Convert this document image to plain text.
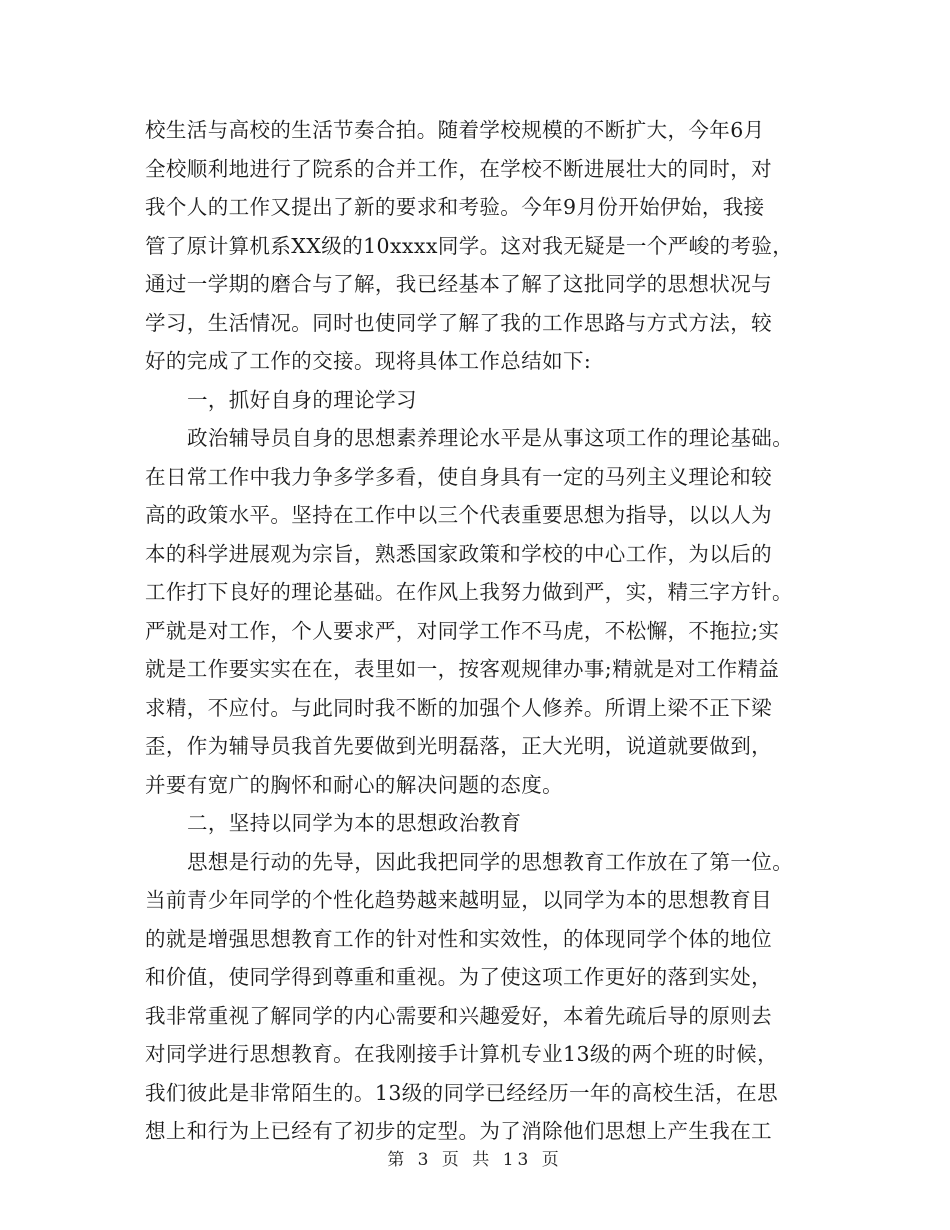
校生活与高校的生活节奏合拍。随着学校规模的不断扩大，今年6月
全校顺利地进行了院系的合并工作，在学校不断进展壮大的同时，对
我个人的工作又提出了新的要求和考验。今年9月份开始伊始，我接
管了原计算机系XX级的10xxxx同学。这对我无疑是一个严峻的考验，
通过一学期的磨合与了解，我已经基本了解了这批同学的思想状况与
学习，生活情况。同时也使同学了解了我的工作思路与方式方法，较
好的完成了工作的交接。现将具体工作总结如下:
一，抓好自身的理论学习
政治辅导员自身的思想素养理论水平是从事这项工作的理论基础。
在日常工作中我力争多学多看，使自身具有一定的马列主义理论和较
高的政策水平。坚持在工作中以三个代表重要思想为指导，以以人为
本的科学进展观为宗旨，熟悉国家政策和学校的中心工作，为以后的
工作打下良好的理论基础。在作风上我努力做到严，实，精三字方针。
严就是对工作，个人要求严，对同学工作不马虎，不松懈，不拖拉;实
就是工作要实实在在，表里如一，按客观规律办事;精就是对工作精益
求精，不应付。与此同时我不断的加强个人修养。所谓上梁不正下梁
歪，作为辅导员我首先要做到光明磊落，正大光明，说道就要做到，
并要有宽广的胸怀和耐心的解决问题的态度。
二，坚持以同学为本的思想政治教育
思想是行动的先导，因此我把同学的思想教育工作放在了第一位。
当前青少年同学的个性化趋势越来越明显，以同学为本的思想教育目
的就是增强思想教育工作的针对性和实效性，的体现同学个体的地位
和价值，使同学得到尊重和重视。为了使这项工作更好的落到实处，
我非常重视了解同学的内心需要和兴趣爱好，本着先疏后导的原则去
对同学进行思想教育。在我刚接手计算机专业13级的两个班的时候，
我们彼此是非常陌生的。13级的同学已经经历一年的高校生活，在思
想上和行为上已经有了初步的定型。为了消除他们思想上产生我在工
第 3 页 共 13 页
